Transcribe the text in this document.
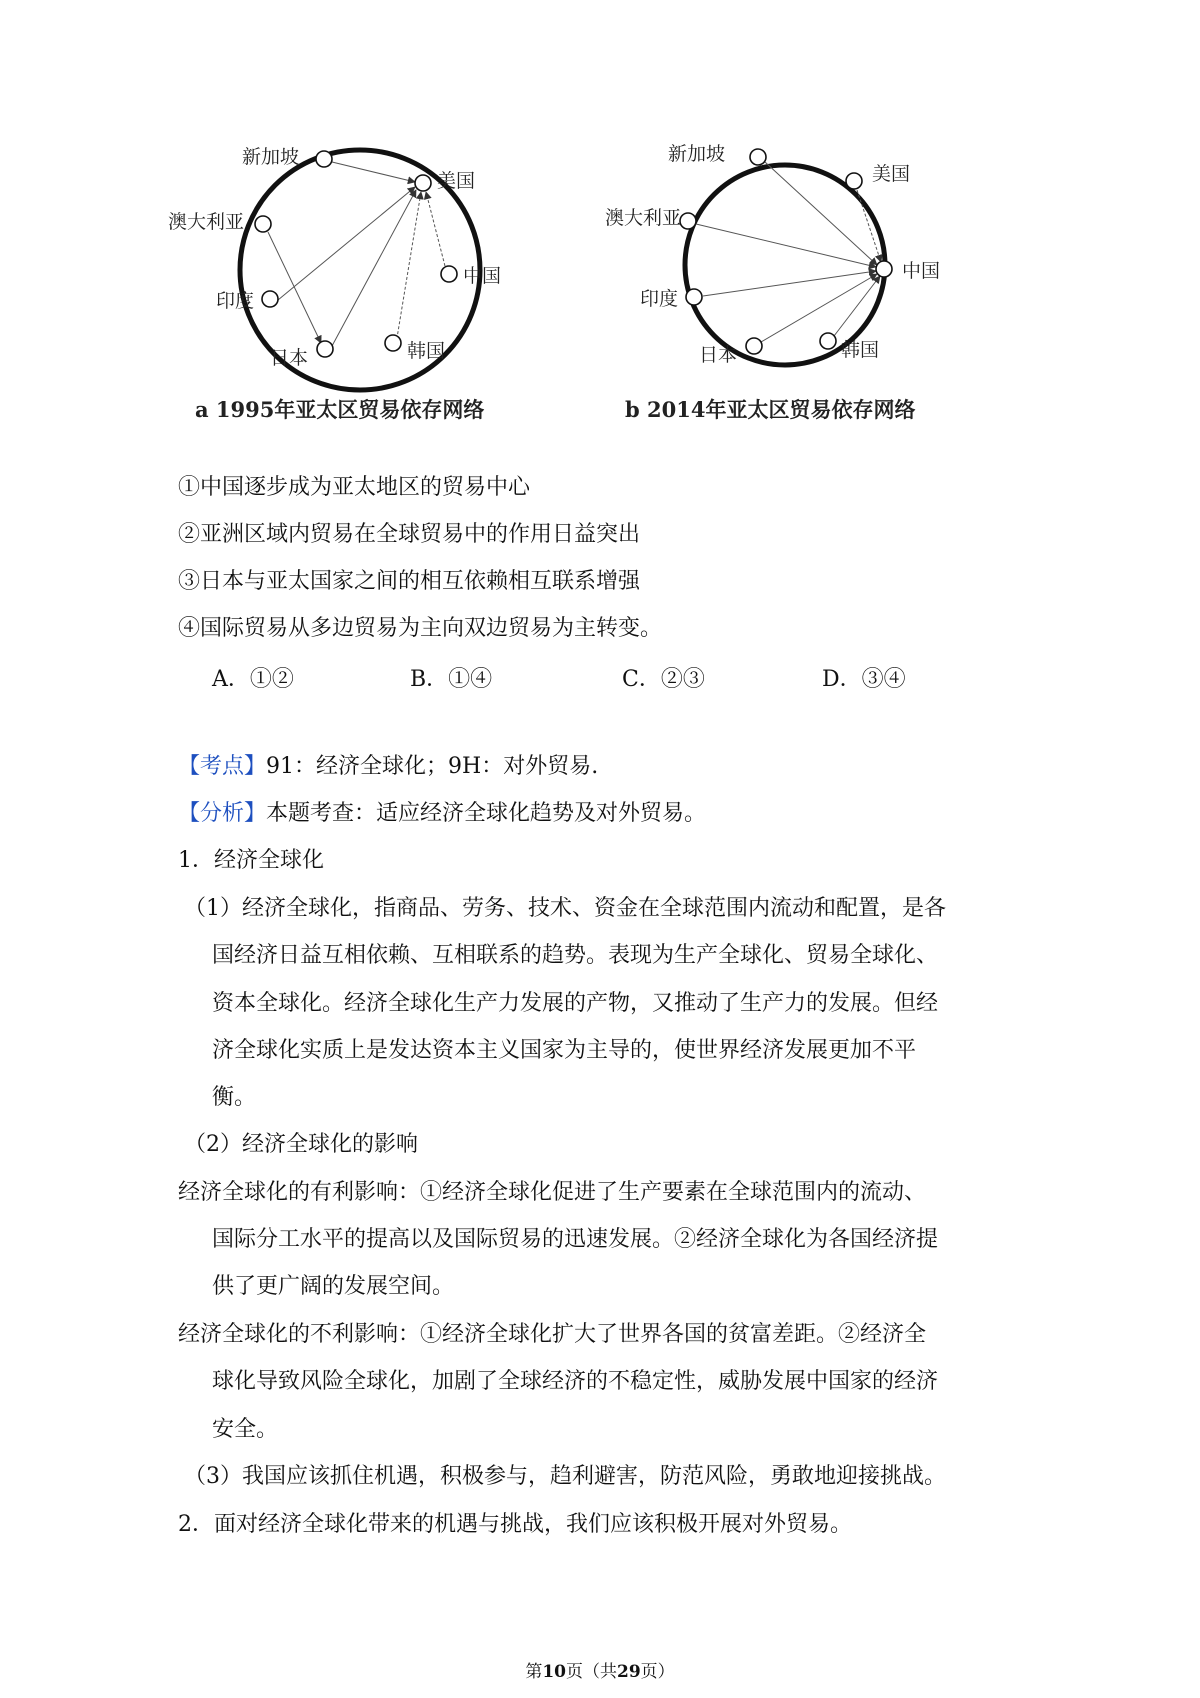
新加坡
美国
澳大利亚
中国
印度
日本	韩国
a 1995年亚太区贸易依存网络
新加坡
美国
澳大利亚
中国
印度
日本	韩国
b 2014年亚太区贸易依存网络
①中国逐步成为亚太地区的贸易中心
②亚洲区域内贸易在全球贸易中的作用日益突出
③日本与亚太国家之间的相互依赖相互联系增强
④国际贸易从多边贸易为主向双边贸易为主转变。
A．①②	B．①④	C．②③	D．③④
【考点】91：经济全球化；9H：对外贸易.
【分析】本题考查：适应经济全球化趋势及对外贸易。
1．经济全球化
（1）经济全球化，指商品、劳务、技术、资金在全球范围内流动和配置，是各
国经济日益互相依赖、互相联系的趋势。表现为生产全球化、贸易全球化、
资本全球化。经济全球化生产力发展的产物，又推动了生产力的发展。但经
济全球化实质上是发达资本主义国家为主导的，使世界经济发展更加不平
衡。
（2）经济全球化的影响
经济全球化的有利影响：①经济全球化促进了生产要素在全球范围内的流动、
国际分工水平的提高以及国际贸易的迅速发展。②经济全球化为各国经济提
供了更广阔的发展空间。
经济全球化的不利影响：①经济全球化扩大了世界各国的贫富差距。②经济全
球化导致风险全球化，加剧了全球经济的不稳定性，威胁发展中国家的经济
安全。
（3）我国应该抓住机遇，积极参与，趋利避害，防范风险，勇敢地迎接挑战。
2．面对经济全球化带来的机遇与挑战，我们应该积极开展对外贸易。
第10页（共29页）
